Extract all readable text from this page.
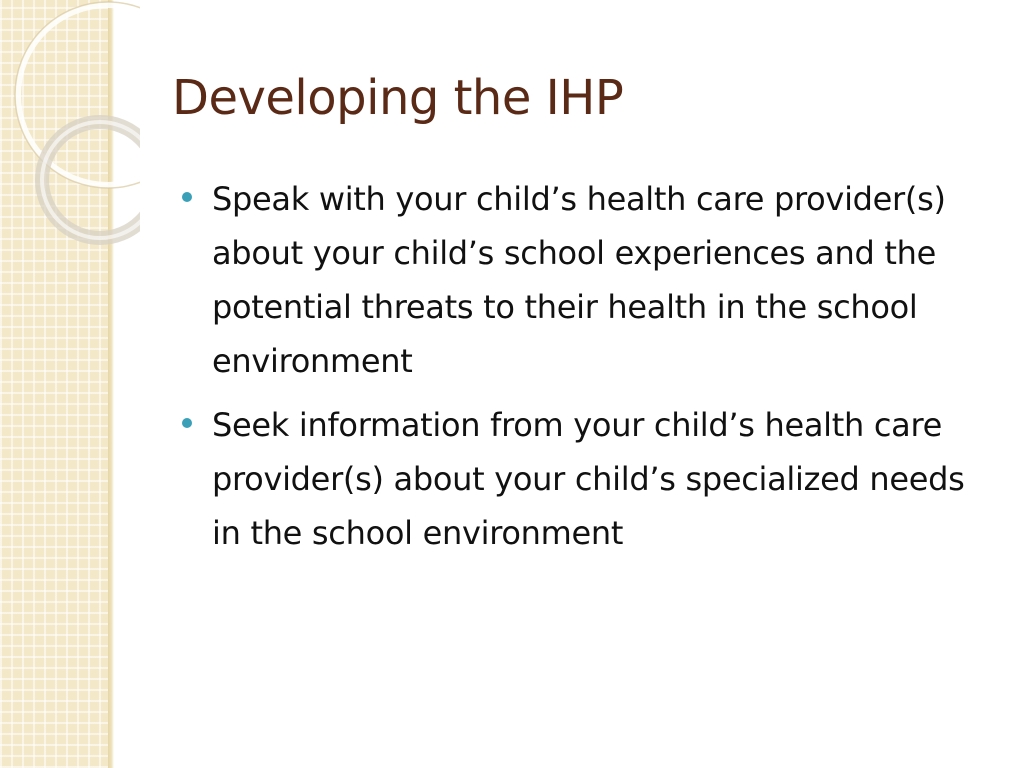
Developing the IHP
Speak with your child’s health care provider(s) about your child’s school experiences and the potential threats to their health in the school environment
Seek information from your child’s health care provider(s) about your child’s specialized needs in the school environment
